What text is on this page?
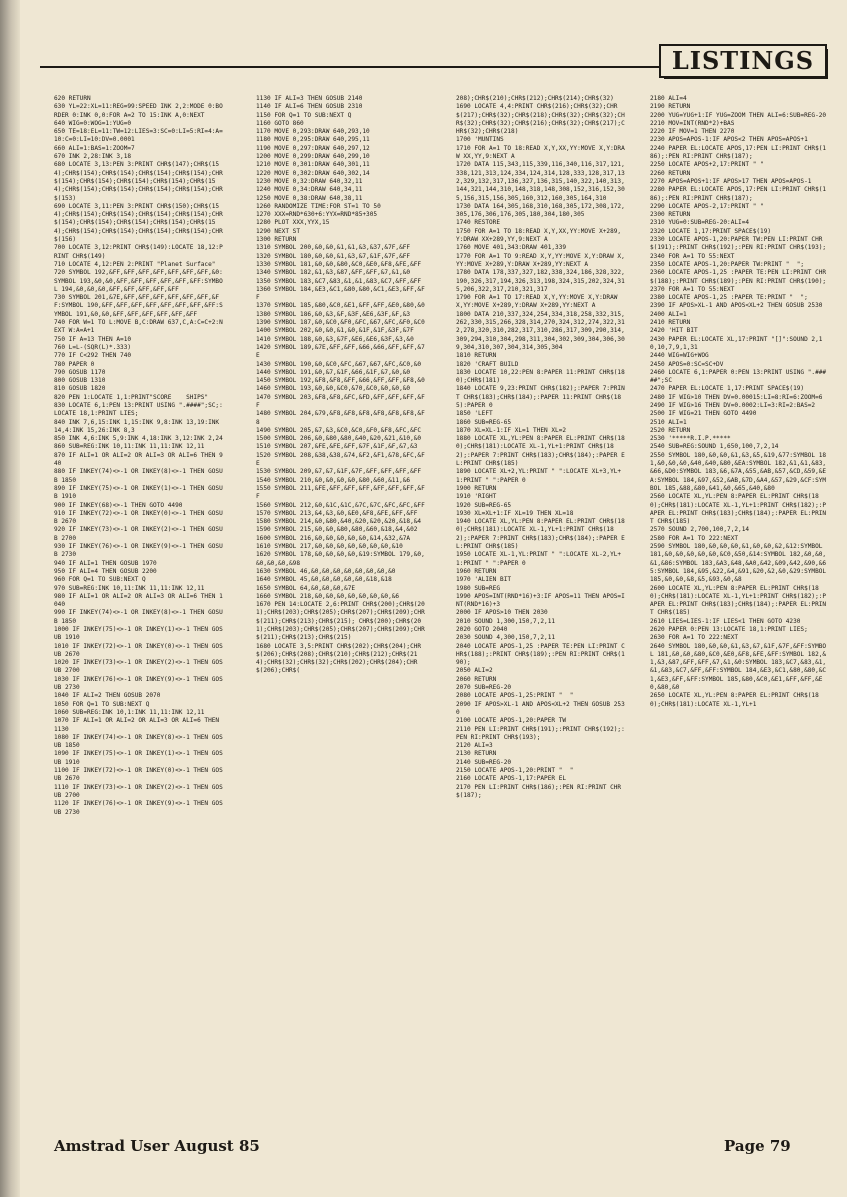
LISTINGS
620 RETURN
630 YL=22:XL=11:REG=99:SPEED INK 2,2:MODE 0:BORDER 0:INK 0,0:FOR A=2 TO 15:INK A,0:NEXT
640 WIG=0:WOG=1:YUG=0
650 TE=18:EL=11:TW=12:LIES=3:SC=0:LI=5:RI=4:A=10:C=0:LI=10:DV=0.0001
660 ALI=1:BAS=1:ZOOM=7
670 INK 2,28:INK 3,18
680 LOCATE 3,13:PEN 3:PRINT CHR$(147);CHR$(154);CHR$(154);CHR$(154);CHR$(154);CHR$(154);CHR$(154);CHR$(154);CHR$(154);CHR$(154);CHR$(154);CHR$(154);CHR$(154);CHR$(154);CHR$(154);CHR$(153)
690 LOCATE 3,11:PEN 3:PRINT CHR$(150);CHR$(154);CHR$(154);CHR$(154);CHR$(154);CHR$(154);CHR$(154);CHR$(154);CHR$(154);CHR$(154);CHR$(154);CHR$(154);CHR$(154);CHR$(154);CHR$(154);CHR$(156)
700 LOCATE 3,12:PRINT CHR$(149):LOCATE 18,12:PRINT CHR$(149)
710 LOCATE 4,12:PEN 2:PRINT "Planet Surface"
720 SYMBOL 192,&FF,&FF,&FF,&FF,&FF,&FF,&FF,&0:SYMBOL 193,&0,&0,&FF,&FF,&FF,&FF,&FF,&FF:SYMBOL 194,&0,&0,&0,&FF,&FF,&FF,&FF,&FF
730 SYMBOL 201,&7E,&FF,&FF,&FF,&FF,&FF,&FF,&FF:SYMBOL 190,&FF,&FF,&FF,&FF,&FF,&FF,&FF,&FF:SYMBOL 191,&0,&0,&FF,&FF,&FF,&FF,&FF,&FF
740 FOR W=1 TO L:MOVE B,C:DRAW 637,C,A:C=C+2:NEXT W:A=A+1
750 IF A=13 THEN A=10
760 L=L-(SQR(L)*.333)
770 IF C<292 THEN 740
780 PAPER 0
790 GOSUB 1170
800 GOSUB 1310
810 GOSUB 1820
820 PEN 1:LOCATE 1,1:PRINT"SCORE    SHIPS"
830 LOCATE 6,1:PEN 13:PRINT USING ".####";SC;:LOCATE 18,1:PRINT LIES;
840 INK 7,6,15:INK 1,15:INK 9,8:INK 13,19:INK 14,4:INK 15,26:INK 8,3
850 INK 4,6:INK 5,9:INK 4,18:INK 3,12:INK 2,24
860 SUB=REG:INK 10,11:INK 11,11:INK 12,11
870 IF ALI=1 OR ALI=2 OR ALI=3 OR ALI=6 THEN 940
880 IF INKEY(74)<>-1 OR INKEY(8)<>-1 THEN GOSUB 1850
890 IF INKEY(75)<>-1 OR INKEY(1)<>-1 THEN GOSUB 1910
900 IF INKEY(68)<>-1 THEN GOTO 4490
910 IF INKEY(72)<>-1 OR INKEY(0)<>-1 THEN GOSUB 2670
920 IF INKEY(73)<>-1 OR INKEY(2)<>-1 THEN GOSUB 2700
930 IF INKEY(76)<>-1 OR INKEY(9)<>-1 THEN GOSUB 2730
940 IF ALI=1 THEN GOSUB 1970
950 IF ALI=4 THEN GOSUB 2200
960 FOR Q=1 TO SUB:NEXT Q
970 SUB=REG:INK 10,11:INK 11,11:INK 12,11
980 IF ALI=1 OR ALI=2 OR ALI=3 OR ALI=6 THEN 1040
990 IF INKEY(74)<>-1 OR INKEY(8)<>-1 THEN GOSUB 1850
1000 IF INKEY(75)<>-1 OR INKEY(1)<>-1 THEN GOSUB 1910
1010 IF INKEY(72)<>-1 OR INKEY(0)<>-1 THEN GOSUB 2670
1020 IF INKEY(73)<>-1 OR INKEY(2)<>-1 THEN GOSUB 2700
1030 IF INKEY(76)<>-1 OR INKEY(9)<>-1 THEN GOSUB 2730
1040 IF ALI=2 THEN GOSUB 2070
1050 FOR Q=1 TO SUB:NEXT Q
1060 SUB=REG:INK 10,1:INK 11,11:INK 12,11
1070 IF ALI=1 OR ALI=2 OR ALI=3 OR ALI=6 THEN 1130
1080 IF INKEY(74)<>-1 OR INKEY(8)<>-1 THEN GOSUB 1850
1090 IF INKEY(75)<>-1 OR INKEY(1)<>-1 THEN GOSUB 1910
1100 IF INKEY(72)<>-1 OR INKEY(0)<>-1 THEN GOSUB 2670
1110 IF INKEY(73)<>-1 OR INKEY(2)<>-1 THEN GOSUB 2700
1120 IF INKEY(76)<>-1 OR INKEY(9)<>-1 THEN GOSUB 2730
1130 IF ALI=3 THEN GOSUB 2140
1140 IF ALI=6 THEN GOSUB 2310
1150 FOR Q=1 TO SUB:NEXT Q
1160 GOTO 860
1170 MOVE 0,293:DRAW 640,293,10
1180 MOVE 0,295:DRAW 640,295,11
1190 MOVE 0,297:DRAW 640,297,12
1200 MOVE 0,299:DRAW 640,299,10
1210 MOVE 0,301:DRAW 640,301,11
1220 MOVE 0,302:DRAW 640,302,14
1230 MOVE 0,32:DRAW 640,32,11
1240 MOVE 0,34:DRAW 640,34,11
1250 MOVE 0,38:DRAW 640,38,11
1260 RANDOMIZE TIME:FOR ST=1 TO 50
1270 XXX=RND*630+6:YYX=RND*85+305
1280 PLOT XXX,YYX,15
1290 NEXT ST
1300 RETURN
1310 SYMBOL 200,&0,&0,&1,&1,&3,&37,&7F,&FF
1320 SYMBOL 180,&0,&0,&1,&3,&7,&1F,&7F,&FF
1330 SYMBOL 181,&0,&0,&80,&C0,&E0,&F8,&FE,&FF
1340 SYMBOL 182,&1,&3,&87,&FF,&FF,&7,&1,&0
1350 SYMBOL 183,&C7,&83,&1,&1,&83,&C7,&FF,&FF
1360 SYMBOL 184,&E3,&C1,&80,&80,&C1,&E3,&FF,&FF
1370 SYMBOL 185,&80,&C0,&E1,&FF,&FF,&E0,&80,&0
1380 SYMBOL 186,&0,&3,&F,&3F,&E6,&3F,&F,&3
1390 SYMBOL 187,&0,&C0,&F0,&FC,&67,&FC,&F0,&C0
1400 SYMBOL 202,&0,&0,&1,&0,&1F,&1F,&3F,&7F
1410 SYMBOL 188,&0,&3,&7F,&E6,&E6,&3F,&3,&0
1420 SYMBOL 189,&7E,&FF,&FF,&66,&66,&FF,&FF,&7E
1430 SYMBOL 190,&0,&C0,&FC,&67,&67,&FC,&C0,&0
1440 SYMBOL 191,&0,&7,&1F,&66,&1F,&7,&0,&0
1450 SYMBOL 192,&F8,&F8,&FF,&66,&FF,&FF,&F8,&0
1460 SYMBOL 193,&0,&0,&C0,&70,&C0,&0,&0,&0
1470 SYMBOL 203,&F8,&F8,&FC,&FD,&FF,&FF,&FF,&FF
1480 SYMBOL 204,&79,&F8,&F8,&F8,&F8,&F8,&F8,&F8
1490 SYMBOL 205,&7,&3,&C0,&C0,&F0,&F8,&FC,&FC
1500 SYMBOL 206,&0,&80,&80,&40,&20,&21,&10,&0
1510 SYMBOL 207,&FE,&FE,&FF,&7F,&1F,&F,&7,&3
1520 SYMBOL 208,&38,&38,&74,&F2,&F1,&78,&FC,&FE
1530 SYMBOL 209,&7,&7,&1F,&7F,&FF,&FF,&FF,&FF
1540 SYMBOL 210,&0,&0,&0,&0,&80,&60,&11,&6
1550 SYMBOL 211,&FE,&FF,&FF,&FF,&FF,&FF,&FF,&FF
1560 SYMBOL 212,&0,&1C,&1C,&7C,&7C,&FC,&FC,&FF
1570 SYMBOL 213,&4,&3,&0,&E0,&F8,&FE,&FF,&FF
1580 SYMBOL 214,&0,&80,&40,&20,&20,&20,&18,&4
1590 SYMBOL 215,&0,&0,&80,&80,&60,&18,&4,&02
1600 SYMBOL 216,&0,&0,&0,&0,&0,&14,&32,&7A
1610 SYMBOL 217,&0,&0,&0,&0,&0,&0,&0,&10
1620 SYMBOL 178,&0,&0,&0,&0,&19:SYMBOL 179,&0,&0,&0,&0,&98
1630 SYMBOL 46,&0,&0,&0,&0,&0,&0,&0,&0
1640 SYMBOL 45,&0,&0,&0,&0,&0,&18,&18
1650 SYMBOL 64,&0,&0,&0,&7E
1660 SYMBOL 218,&0,&0,&0,&0,&0,&0,&0,&6
1670 PEN 14:LOCATE 2,6:PRINT CHR$(200);CHR$(201);CHR$(203);CHR$(205);CHR$(207);CHR$(209);CHR$(211);CHR$(213);CHR$(215); CHR$(200);CHR$(201);CHR$(203);CHR$(205);CHR$(207);CHR$(209);CHR$(211);CHR$(213);CHR$(215)
1680 LOCATE 3,5:PRINT CHR$(202);CHR$(204);CHR$(206);CHR$(208);CHR$(210);CHR$(212);CHR$(214);CHR$(32);CHR$(32);CHR$(202);CHR$(204);CHR$(206);CHR$(
208);CHR$(210);CHR$(212);CHR$(214);CHR$(32)
1690 LOCATE 4,4:PRINT CHR$(216);CHR$(32);CHR$(217);CHR$(32);CHR$(218);CHR$(32);CHR$(32);CHR$(32);CHR$(32);CHR$(216);CHR$(32);CHR$(217);CHR$(32);CHR$(218)
1700 'MUNTINS
1710 FOR A=1 TO 18:READ X,Y,XX,YY:MOVE X,Y:DRAW XX,YY,9:NEXT A
1720 DATA 115,343,115,339,116,340,116,317,121,338,121,313,124,334,124,314,128,333,128,317,132,329,132,317,136,327,136,315,140,322,140,313,144,321,144,310,148,318,148,308,152,316,152,305,156,315,156,305,160,312,160,305,164,310
1730 DATA 164,305,168,310,168,305,172,308,172,305,176,306,176,305,180,304,180,305
1740 RESTORE
1750 FOR A=1 TO 18:READ X,Y,XX,YY:MOVE X+289,Y:DRAW XX+289,YY,9:NEXT A
1760 MOVE 401,343:DRAW 401,339
1770 FOR A=1 TO 9:READ X,Y,YY:MOVE X,Y:DRAW X,YY:MOVE X+289,Y:DRAW X+289,YY:NEXT A
1780 DATA 178,337,327,182,338,324,186,328,322,190,326,317,194,326,313,198,324,315,202,324,315,206,322,317,210,321,317
1790 FOR A=1 TO 17:READ X,Y,YY:MOVE X,Y:DRAW X,YY:MOVE X+289,Y:DRAW X+289,YY:NEXT A
1800 DATA 210,337,324,254,334,318,258,332,315,262,330,315,266,328,314,270,324,312,274,322,312,278,320,310,282,317,310,286,317,309,290,314,309,294,310,304,298,311,304,302,309,304,306,309,304,310,307,304,314,305,304
1810 RETURN
1820 'CRAFT BUILD
1830 LOCATE 10,22:PEN 8:PAPER 11:PRINT CHR$(180);CHR$(181)
1840 LOCATE 9,23:PRINT CHR$(182);:PAPER 7:PRINT CHR$(183);CHR$(184);:PAPER 11:PRINT CHR$(185):PAPER 0
1850 'LEFT
1860 SUB=REG-65
1870 XL=XL-1:IF XL=1 THEN XL=2
1880 LOCATE XL,YL:PEN 8:PAPER EL:PRINT CHR$(180);CHR$(181):LOCATE XL-1,YL+1:PRINT CHR$(182);:PAPER 7:PRINT CHR$(183);CHR$(184);:PAPER EL:PRINT CHR$(185)
1890 LOCATE XL+2,YL:PRINT " ":LOCATE XL+3,YL+1:PRINT " ":PAPER 0
1900 RETURN
1910 'RIGHT
1920 SUB=REG-65
1930 XL=XL+1:IF XL=19 THEN XL=18
1940 LOCATE XL,YL:PEN 8:PAPER EL:PRINT CHR$(180);CHR$(181):LOCATE XL-1,YL+1:PRINT CHR$(182);:PAPER 7:PRINT CHR$(183);CHR$(184);:PAPER EL:PRINT CHR$(185)
1950 LOCATE XL-1,YL:PRINT " ":LOCATE XL-2,YL+1:PRINT " ":PAPER 0
1960 RETURN
1970 'ALIEN BIT
1980 SUB=REG
1990 APOS=INT(RND*16)+3:IF APOS=11 THEN APOS=INT(RND*16)+3
2000 IF APOS>10 THEN 2030
2010 SOUND 1,300,150,7,2,11
2020 GOTO 2040
2030 SOUND 4,300,150,7,2,11
2040 LOCATE APOS-1,25 :PAPER TE:PEN LI:PRINT CHR$(188);:PRINT CHR$(189);:PEN RI:PRINT CHR$(190);
2050 ALI=2
2060 RETURN
2070 SUB=REG-20
2080 LOCATE APOS-1,25:PRINT "  "
2090 IF APOS>XL-1 AND APOS<XL+2 THEN GOSUB 2530
2100 LOCATE APOS-1,20:PAPER TW
2110 PEN LI:PRINT CHR$(191);:PRINT CHR$(192);:PEN RI:PRINT CHR$(193);
2120 ALI=3
2130 RETURN
2140 SUB=REG-20
2150 LOCATE APOS-1,20:PRINT "  "
2160 LOCATE APOS-1,17:PAPER EL
2170 PEN LI:PRINT CHR$(186);:PEN RI:PRINT CHR$(187);
2180 ALI=4
2190 RETURN
2200 YUG=YUG+1:IF YUG=ZOOM THEN ALI=6:SUB=REG-20
2210 MOV=INT(RND*2)+BAS
2220 IF MOV=1 THEN 2270
2230 APOS=APOS-1:IF APOS<2 THEN APOS=APOS+1
2240 PAPER EL:LOCATE APOS,17:PEN LI:PRINT CHR$(186);:PEN RI:PRINT CHR$(187);
2250 LOCATE APOS+2,17:PRINT " "
2260 RETURN
2270 APOS=APOS+1:IF APOS>17 THEN APOS=APOS-1
2280 PAPER EL:LOCATE APOS,17:PEN LI:PRINT CHR$(186);:PEN RI:PRINT CHR$(187);
2290 LOCATE APOS-2,17:PRINT " "
2300 RETURN
2310 YUG=0:SUB=REG-20:ALI=4
2320 LOCATE 1,17:PRINT SPACE$(19)
2330 LOCATE APOS-1,20:PAPER TW:PEN LI:PRINT CHR$(191);:PRINT CHR$(192);:PEN RI:PRINT CHR$(193);
2340 FOR A=1 TO 55:NEXT
2350 LOCATE APOS-1,20:PAPER TW:PRINT "  ";
2360 LOCATE APOS-1,25 :PAPER TE:PEN LI:PRINT CHR$(188);:PRINT CHR$(189);:PEN RI:PRINT CHR$(190);
2370 FOR A=1 TO 55:NEXT
2380 LOCATE APOS-1,25 :PAPER TE:PRINT "  ";
2390 IF APOS>XL-1 AND APOS<XL+2 THEN GOSUB 2530
2400 ALI=1
2410 RETURN
2420 'HIT BIT
2430 PAPER EL:LOCATE XL,17:PRINT "[]":SOUND 2,10,10,7,9,1,31
2440 WIG=WIG+WOG
2450 APOS=0:SC=SC+DV
2460 LOCATE 6,1:PAPER 0:PEN 13:PRINT USING ".#####";SC
2470 PAPER EL:LOCATE 1,17:PRINT SPACE$(19)
2480 IF WIG>10 THEN DV=0.00015:LI=8:RI=6:ZOOM=6
2490 IF WIG>16 THEN DV=0.0002:LI=3:RI=2:BAS=2
2500 IF WIG=21 THEN GOTO 4490
2510 ALI=1
2520 RETURN
2530 '*****R.I.P.*****
2540 SUB=REG:SOUND 1,650,100,7,2,14
2550 SYMBOL 180,&0,&0,&1,&3,&5,&19,&77:SYMBOL 181,&0,&0,&0,&40,&40,&80,&EA:SYMBOL 182,&1,&1,&83,&66,&D0:SYMBOL 183,&6,&7A,&55,&AB,&57,&CD,&59,&EA:SYMBOL 184,&97,&52,&AB,&7D,&A4,&57,&29,&CF:SYMBOL 185,&88,&80,&41,&0,&65,&40,&80
2560 LOCATE XL,YL:PEN 8:PAPER EL:PRINT CHR$(180);CHR$(181):LOCATE XL-1,YL+1:PRINT CHR$(182);:PAPER EL:PRINT CHR$(183);CHR$(184);:PAPER EL:PRINT CHR$(185)
2570 SOUND 2,700,100,7,2,14
2580 FOR A=1 TO 222:NEXT
2590 SYMBOL 180,&0,&0,&0,&1,&0,&0,&2,&12:SYMBOL 181,&0,&0,&0,&0,&0,&C0,&50,&14:SYMBOL 182,&0,&0,&1,&86:SYMBOL 183,&A3,&48,&A0,&42,&09,&42,&90,&65:SYMBOL 184,&95,&22,&4,&91,&20,&2,&0,&29:SYMBOL 185,&0,&0,&8,&5,&93,&0,&8
2600 LOCATE XL,YL:PEN 8:PAPER EL:PRINT CHR$(180);CHR$(181):LOCATE XL-1,YL+1:PRINT CHR$(182);:PAPER EL:PRINT CHR$(183);CHR$(184);:PAPER EL:PRINT CHR$(185)
2610 LIES=LIES-1:IF LIES<1 THEN GOTO 4230
2620 PAPER 0:PEN 13:LOCATE 18,1:PRINT LIES;
2630 FOR A=1 TO 222:NEXT
2640 SYMBOL 180,&0,&0,&1,&3,&7,&1F,&7F,&FF:SYMBOL 181,&0,&0,&80,&C0,&E0,&F8,&FE,&FF:SYMBOL 182,&1,&3,&87,&FF,&FF,&7,&1,&0:SYMBOL 183,&C7,&83,&1,&1,&83,&C7,&FF,&FF:SYMBOL 184,&E3,&C1,&80,&80,&C1,&E3,&FF,&FF:SYMBOL 185,&80,&C0,&E1,&FF,&FF,&E0,&80,&0
2650 LOCATE XL,YL:PEN 8:PAPER EL:PRINT CHR$(180);CHR$(181):LOCATE XL-1,YL+1
Amstrad User August 85	Page 79
